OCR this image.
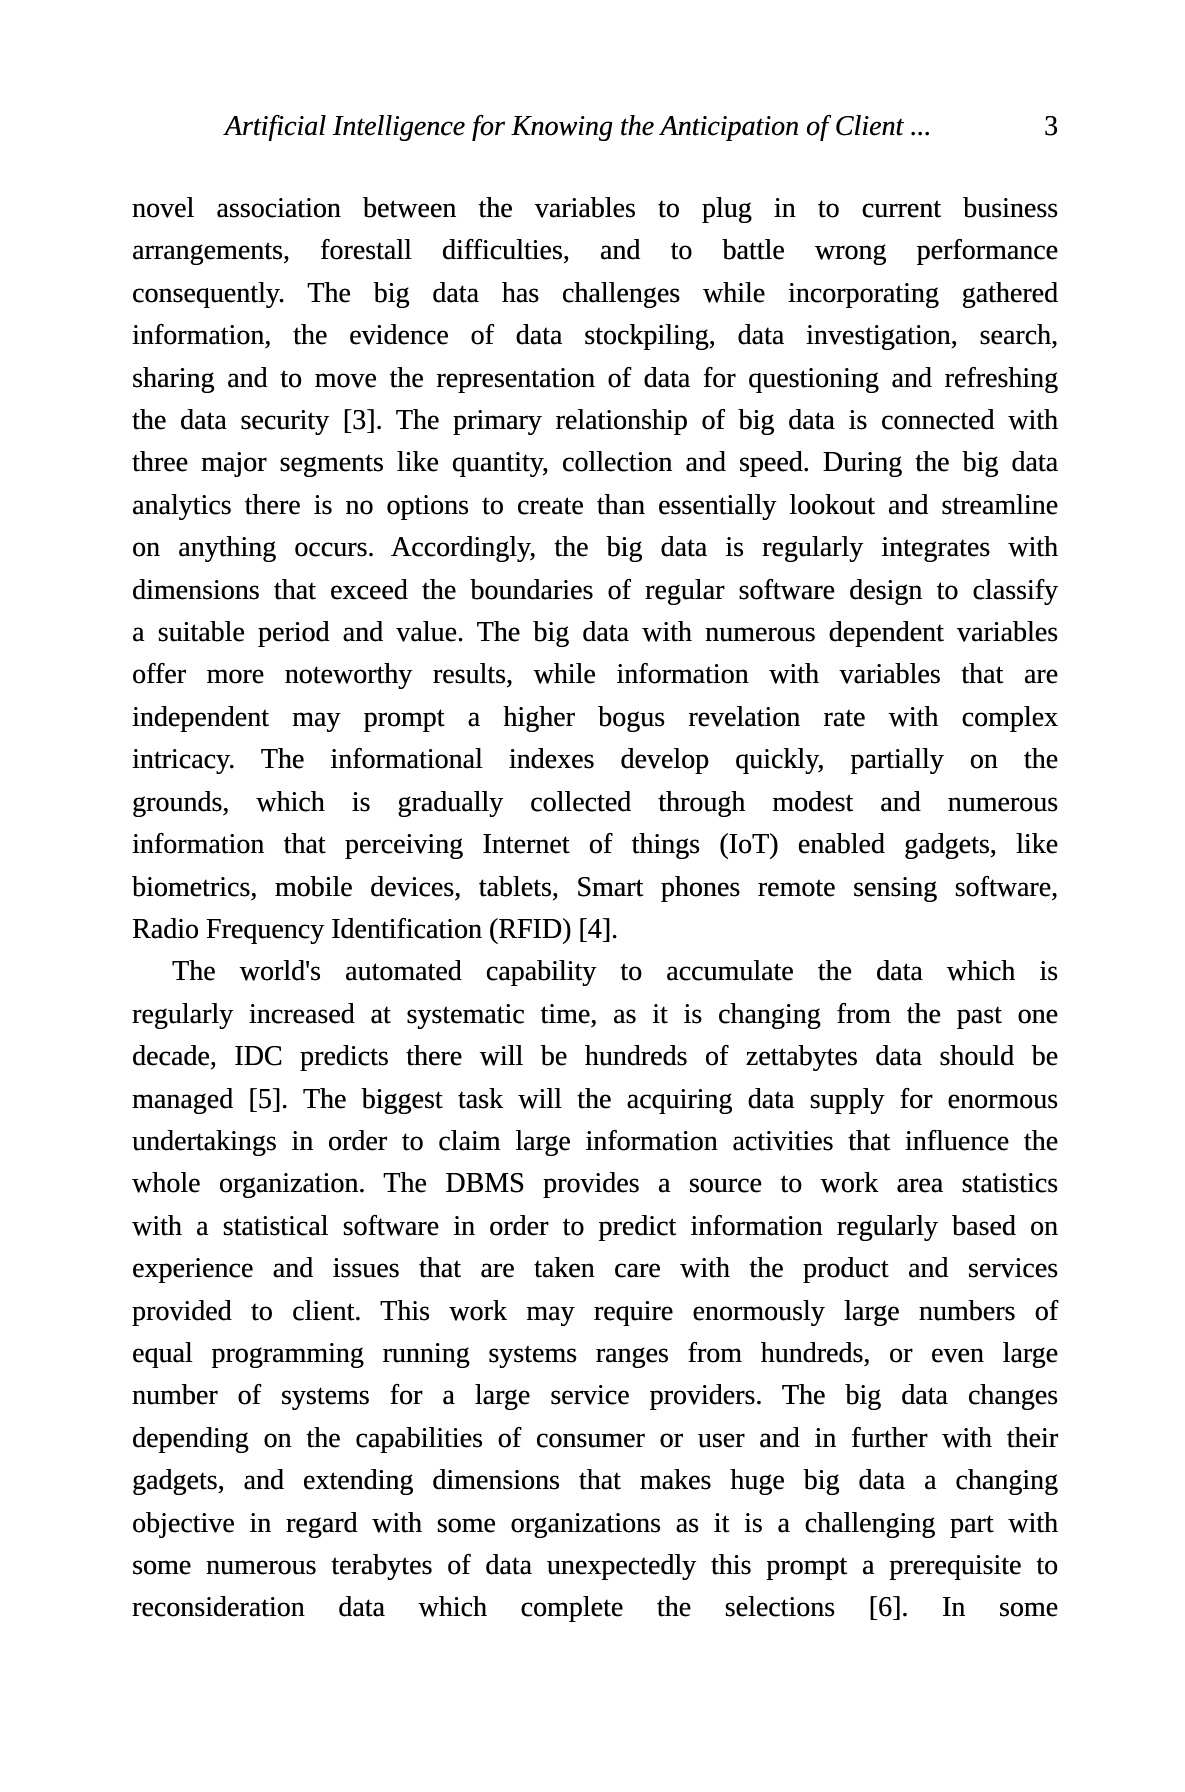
Artificial Intelligence for Knowing the Anticipation of Client ...	3
novel association between the variables to plug in to current business
arrangements, forestall difficulties, and to battle wrong performance
consequently. The big data has challenges while incorporating gathered
information, the evidence of data stockpiling, data investigation, search,
sharing and to move the representation of data for questioning and refreshing
the data security [3]. The primary relationship of big data is connected with
three major segments like quantity, collection and speed. During the big data
analytics there is no options to create than essentially lookout and streamline
on anything occurs. Accordingly, the big data is regularly integrates with
dimensions that exceed the boundaries of regular software design to classify
a suitable period and value. The big data with numerous dependent variables
offer more noteworthy results, while information with variables that are
independent may prompt a higher bogus revelation rate with complex
intricacy. The informational indexes develop quickly, partially on the
grounds, which is gradually collected through modest and numerous
information that perceiving Internet of things (IoT) enabled gadgets, like
biometrics, mobile devices, tablets, Smart phones remote sensing software,
Radio Frequency Identification (RFID) [4].
The world's automated capability to accumulate the data which is
regularly increased at systematic time, as it is changing from the past one
decade, IDC predicts there will be hundreds of zettabytes data should be
managed [5]. The biggest task will the acquiring data supply for enormous
undertakings in order to claim large information activities that influence the
whole organization. The DBMS provides a source to work area statistics
with a statistical software in order to predict information regularly based on
experience and issues that are taken care with the product and services
provided to client. This work may require enormously large numbers of
equal programming running systems ranges from hundreds, or even large
number of systems for a large service providers. The big data changes
depending on the capabilities of consumer or user and in further with their
gadgets, and extending dimensions that makes huge big data a changing
objective in regard with some organizations as it is a challenging part with
some numerous terabytes of data unexpectedly this prompt a prerequisite to
reconsideration data which complete the selections [6]. In some
